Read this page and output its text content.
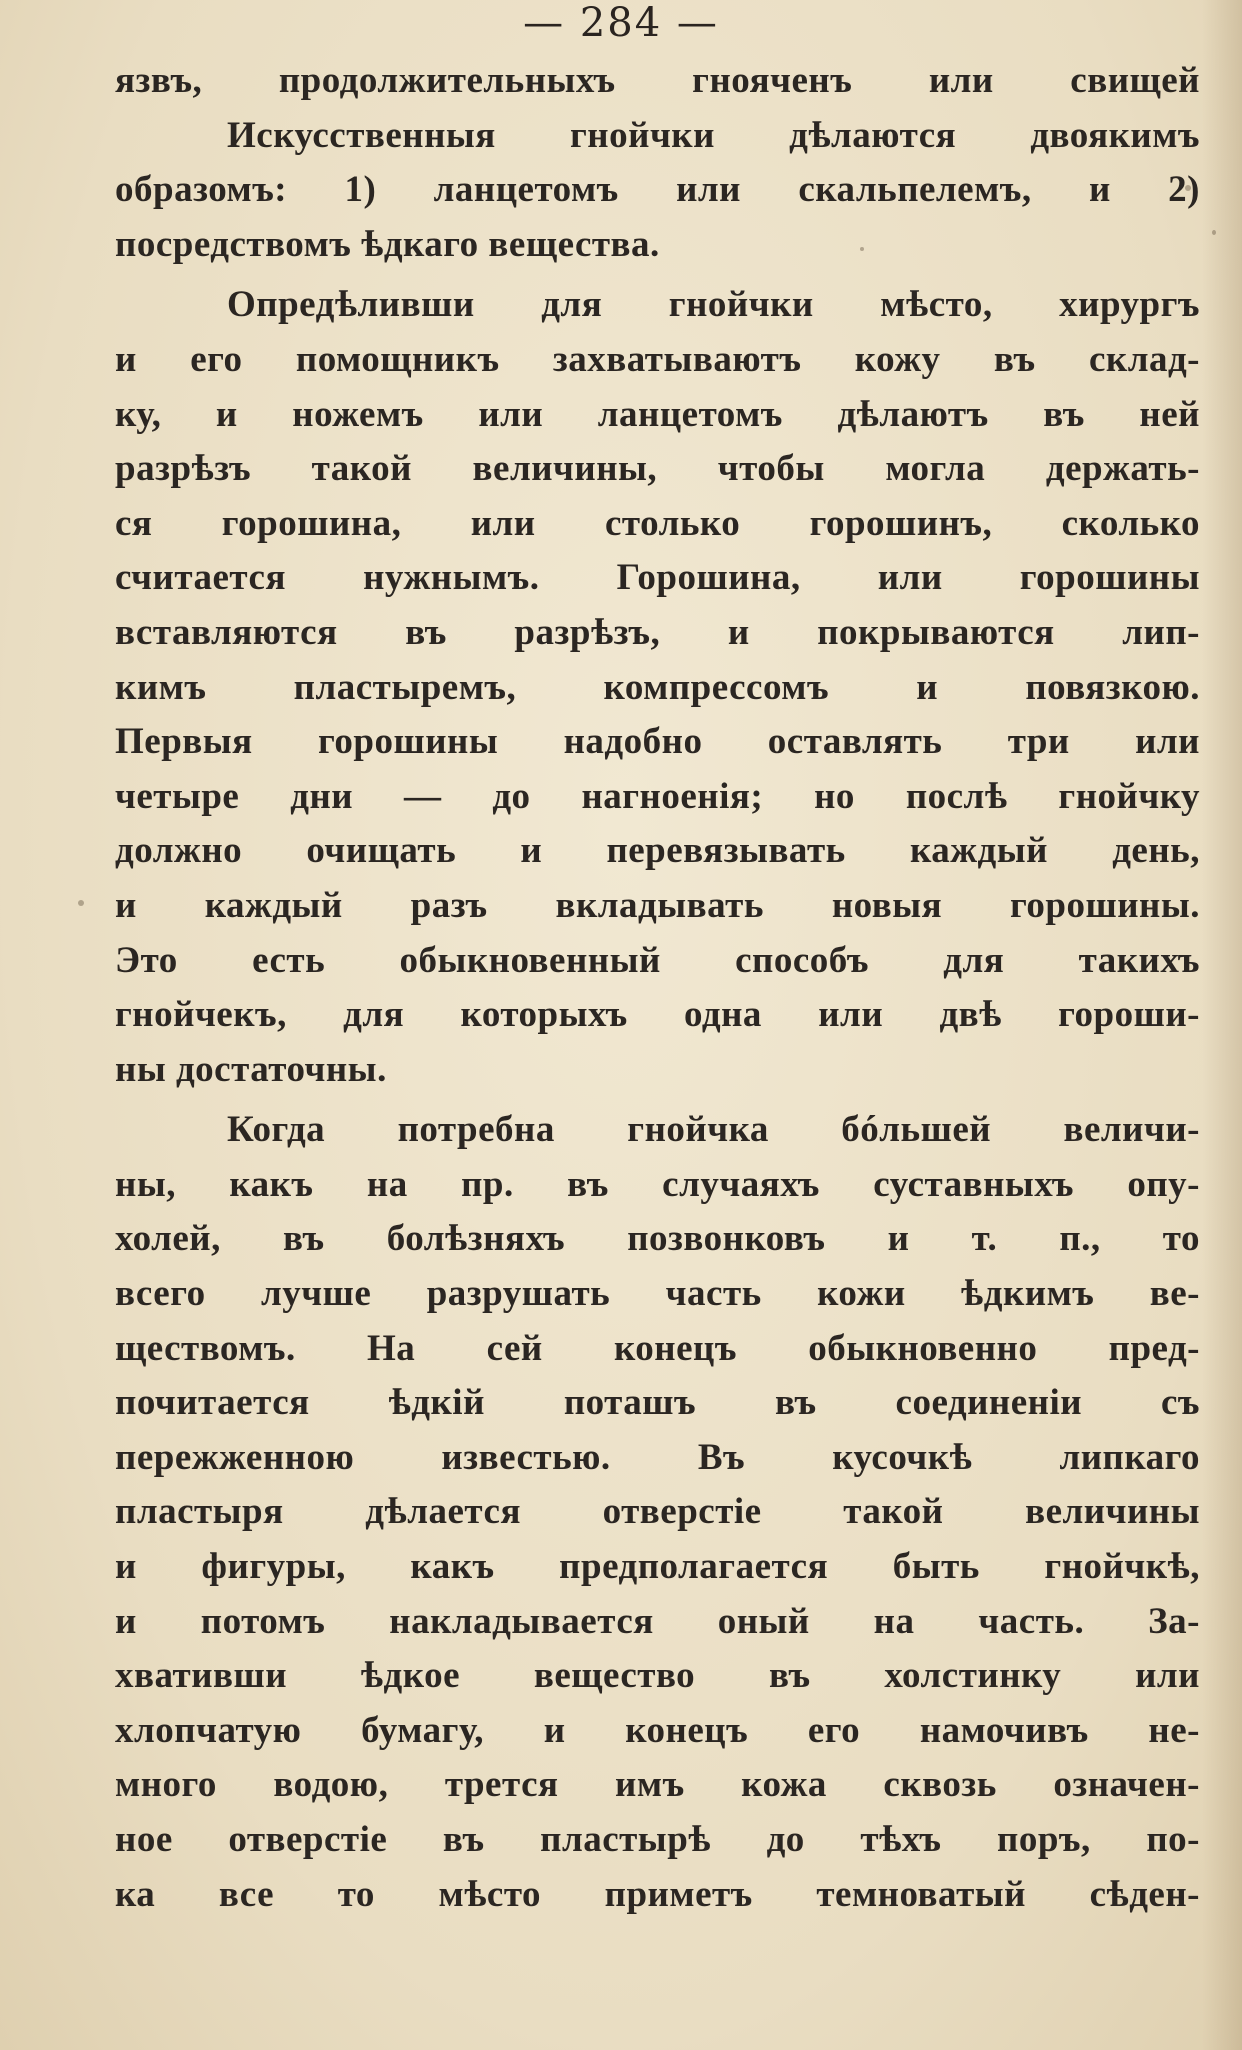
— 284 —
язвъ, продолжительныхъ гнояченъ или свищей
Искусственныя гнойчки дѣлаются двоякимъ
образомъ: 1) ланцетомъ или скальпелемъ, и 2)
посредствомъ ѣдкаго вещества.
Опредѣливши для гнойчки мѣсто, хирургъ
и его помощникъ захватываютъ кожу въ склад-
ку, и ножемъ или ланцетомъ дѣлаютъ въ ней
разрѣзъ такой величины, чтобы могла держать-
ся горошина, или столько горошинъ, сколько
считается нужнымъ. Горошина, или горошины
вставляются въ разрѣзъ, и покрываются лип-
кимъ пластыремъ, компрессомъ и повязкою.
Первыя горошины надобно оставлять три или
четыре дни — до нагноенія; но послѣ гнойчку
должно очищать и перевязывать каждый день,
и каждый разъ вкладывать новыя горошины.
Это есть обыкновенный способъ для такихъ
гнойчекъ, для которыхъ одна или двѣ горoши-
ны достаточны.
Когда потребна гнойчка бóльшей величи-
ны, какъ на пр. въ случаяхъ суставныхъ опу-
холей, въ болѣзняхъ позвонковъ и т. п., то
всего лучше разрушать часть кожи ѣдкимъ ве-
ществомъ. На сей конецъ обыкновенно пред-
почитается ѣдкій поташъ въ соединеніи съ
пережженною известью. Въ кусочкѣ липкаго
пластыря дѣлается отверстіе такой величины
и фигуры, какъ предполагается быть гнойчкѣ,
и потомъ накладывается оный на часть. За-
хвативши ѣдкое вещество въ холстинку или
хлопчатую бумагу, и конецъ его намочивъ не-
много водою, трется имъ кожа сквозь означен-
ное отверстіе въ пластырѣ до тѣхъ поръ, по-
ка все то мѣсто приметъ темноватый сѣден-
